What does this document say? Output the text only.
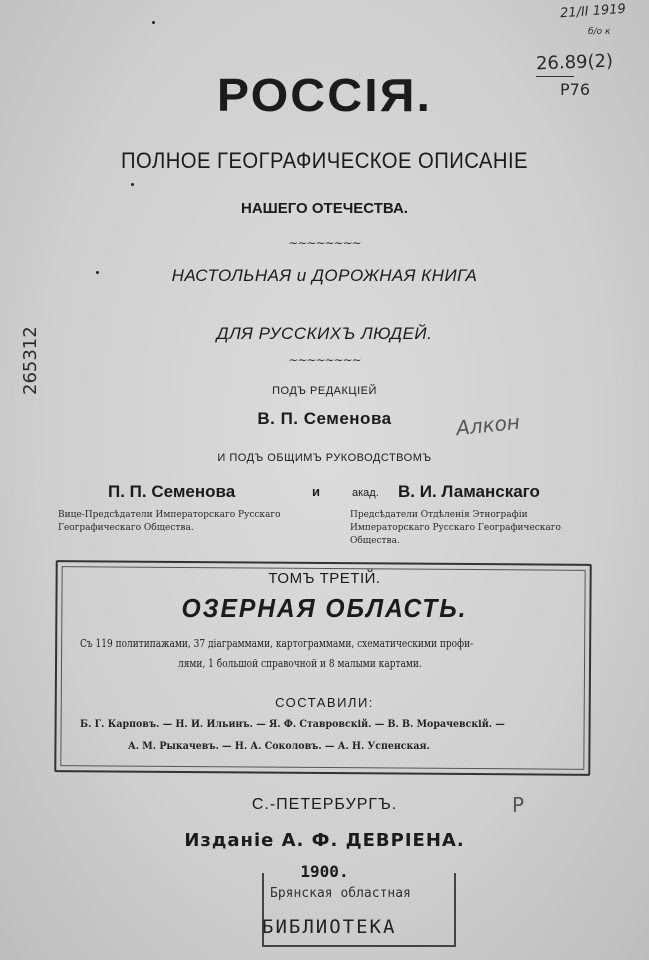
РОССІЯ.
ПОЛНОЕ ГЕОГРАФИЧЕСКОЕ ОПИСАНІЕ
НАШЕГО ОТЕЧЕСТВА.
∼∼∼∼∼∼∼∼
НАСТОЛЬНАЯ и ДОРОЖНАЯ КНИГА
ДЛЯ РУССКИХЪ ЛЮДЕЙ.
∼∼∼∼∼∼∼∼
ПОДЪ РЕДАКЦІЕЙ
В. П. Семенова
И ПОДЪ ОБЩИМЪ РУКОВОДСТВОМЪ
П. П. Семенова	и	акад. В. И. Ламанскаго
Вице-Предсѣдатели Императорскаго Русскаго Географическаго Общества.
Предсѣдатели Отдѣленія Этнографіи Императорскаго Русскаго Географическаго Общества.
ТОМЪ ТРЕТІЙ.
ОЗЕРНАЯ ОБЛАСТЬ.
Съ 119 политипажами, 37 діаграммами, картограммами, схематическими профи-
лями, 1 большой справочной и 8 малыми картами.
СОСТАВИЛИ:
Б. Г. Карповъ. — Н. И. Ильинъ. — Я. Ф. Ставровскій. — В. В. Морачевскій. —
А. М. Рыкачевъ. — Н. А. Соколовъ. — А. Н. Успенская.
С.-ПЕТЕРБУРГЪ.
Изданіе А. Ф. ДЕВРІЕНА.
1900.
Брянская областная
БИБЛИОТЕКА
21/II 1919
б/о к
26.89(2)
Р76
Алкон
Р
265312
